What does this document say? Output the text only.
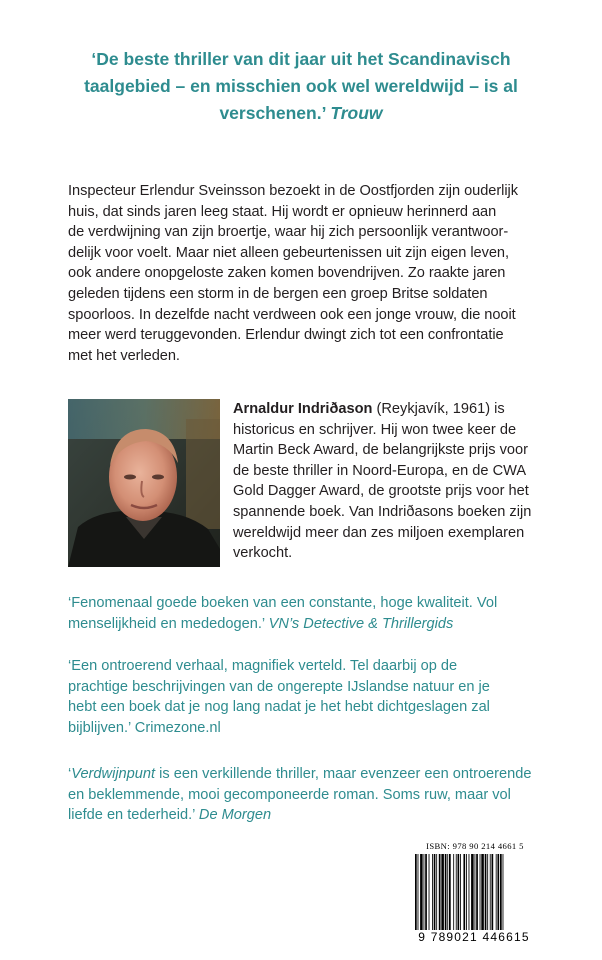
‘De beste thriller van dit jaar uit het Scandinavisch
taalgebied – en misschien ook wel wereldwijd – is al
verschenen.’ Trouw
Inspecteur Erlendur Sveinsson bezoekt in de Oostfjorden zijn ouderlijk
huis, dat sinds jaren leeg staat. Hij wordt er opnieuw herinnerd aan
de verdwijning van zijn broertje, waar hij zich persoonlijk verantwoor-
delijk voor voelt. Maar niet alleen gebeurtenissen uit zijn eigen leven,
ook andere onopgeloste zaken komen bovendrijven. Zo raakte jaren
geleden tijdens een storm in de bergen een groep Britse soldaten
spoorloos. In dezelfde nacht verdween ook een jonge vrouw, die nooit
meer werd teruggevonden. Erlendur dwingt zich tot een confrontatie
met het verleden.
Arnaldur Indriðason (Reykjavík, 1961) is
historicus en schrijver. Hij won twee keer de
Martin Beck Award, de belangrijkste prijs voor
de beste thriller in Noord-Europa, en de CWA
Gold Dagger Award, de grootste prijs voor het
spannende boek. Van Indriðasons boeken zijn
wereldwijd meer dan zes miljoen exemplaren
verkocht.
‘Fenomenaal goede boeken van een constante, hoge kwaliteit. Vol
menselijkheid en mededogen.’ VN’s Detective & Thrillergids
‘Een ontroerend verhaal, magnifiek verteld. Tel daarbij op de
prachtige beschrijvingen van de ongerepte IJslandse natuur en je
hebt een boek dat je nog lang nadat je het hebt dichtgeslagen zal
bijblijven.’ Crimezone.nl
‘Verdwijnpunt is een verkillende thriller, maar evenzeer een ontroerende
en beklemmende, mooi gecomponeerde roman. Soms ruw, maar vol
liefde en tederheid.’ De Morgen
ISBN: 978 90 214 4661 5
9 789021 446615
